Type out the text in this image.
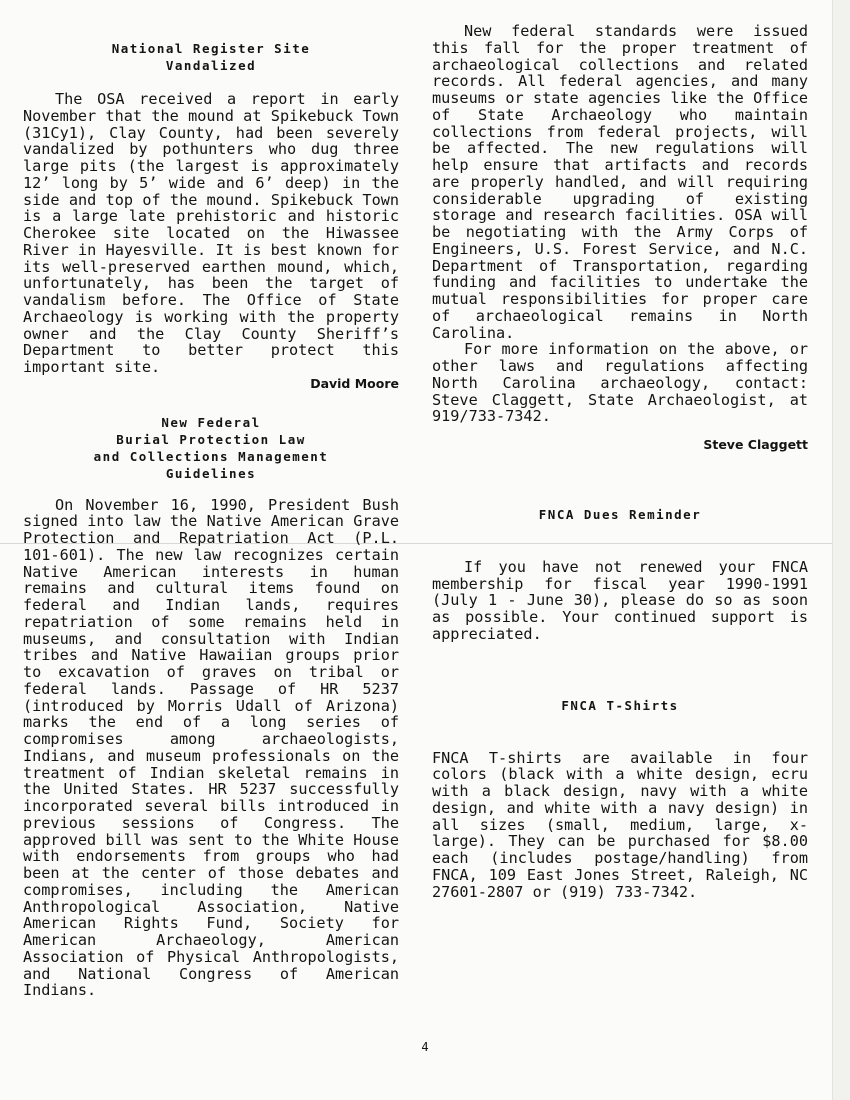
National Register Site
Vandalized

The OSA received a report in early November that the mound at Spikebuck Town (31Cy1), Clay County, had been severely vandalized by pothunters who dug three large pits (the largest is approximately 12’ long by 5’ wide and 6’ deep) in the side and top of the mound. Spikebuck Town is a large late prehistoric and historic Cherokee site located on the Hiwassee River in Hayesville. It is best known for its well-preserved earthen mound, which, unfortunately, has been the target of vandalism before. The Office of State Archaeology is working with the property owner and the Clay County Sheriff’s Department to better protect this important site.

David Moore

New Federal
Burial Protection Law
and Collections Management
Guidelines

On November 16, 1990, President Bush signed into law the Native American Grave Protection and Repatriation Act (P.L. 101-601). The new law recognizes certain Native American interests in human remains and cultural items found on federal and Indian lands, requires repatriation of some remains held in museums, and consultation with Indian tribes and Native Hawaiian groups prior to excavation of graves on tribal or federal lands. Passage of HR 5237 (introduced by Morris Udall of Arizona) marks the end of a long series of compromises among archaeologists, Indians, and museum professionals on the treatment of Indian skeletal remains in the United States. HR 5237 successfully incorporated several bills introduced in previous sessions of Congress. The approved bill was sent to the White House with endorsements from groups who had been at the center of those debates and compromises, including the American Anthropological Association, Native American Rights Fund, Society for American Archaeology, American Association of Physical Anthropologists, and National Congress of American Indians.

New federal standards were issued this fall for the proper treatment of archaeological collections and related records. All federal agencies, and many museums or state agencies like the Office of State Archaeology who maintain collections from federal projects, will be affected. The new regulations will help ensure that artifacts and records are properly handled, and will requiring considerable upgrading of existing storage and research facilities. OSA will be negotiating with the Army Corps of Engineers, U.S. Forest Service, and N.C. Department of Transportation, regarding funding and facilities to undertake the mutual responsibilities for proper care of archaeological remains in North Carolina.

For more information on the above, or other laws and regulations affecting North Carolina archaeology, contact: Steve Claggett, State Archaeologist, at 919/733-7342.

Steve Claggett

FNCA Dues Reminder

If you have not renewed your FNCA membership for fiscal year 1990-1991 (July 1 - June 30), please do so as soon as possible. Your continued support is appreciated.

FNCA T-Shirts

FNCA T-shirts are available in four colors (black with a white design, ecru with a black design, navy with a white design, and white with a navy design) in all sizes (small, medium, large, x-large). They can be purchased for $8.00 each (includes postage/handling) from FNCA, 109 East Jones Street, Raleigh, NC 27601-2807 or (919) 733-7342.

4
